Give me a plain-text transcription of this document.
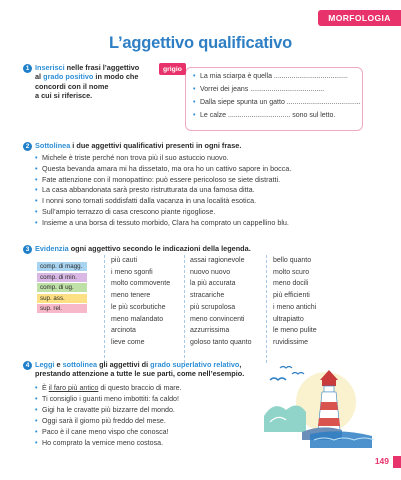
MORFOLOGIA
L’aggettivo qualificativo
1 Inserisci nelle frasi l’aggettivo
al grado positivo in modo che
concordi con il nome
a cui si riferisce.
grigio
• La mia sciarpa è quella ......................................
• Vorrei dei jeans ......................................
• Dalla siepe spunta un gatto ......................................
• Le calze ................................ sono sul letto.
2 Sottolinea i due aggettivi qualificativi presenti in ogni frase.
• Michele è triste perché non trova più il suo astuccio nuovo.
• Questa bevanda amara mi ha dissetato, ma ora ho un cattivo sapore in bocca.
• Fate attenzione con il monopattino: può essere pericoloso se siete distratti.
• La casa abbandonata sarà presto ristrutturata da una famosa ditta.
• I nonni sono tornati soddisfatti dalla vacanza in una località esotica.
• Sull’ampio terrazzo di casa crescono piante rigogliose.
• Insieme a una borsa di tessuto morbido, Clara ha comprato un cappellino blu.
3 Evidenzia ogni aggettivo secondo le indicazioni della legenda.
comp. di magg.
comp. di min.
comp. di ug.
sup. ass.
sup. rel.
più cauti
i meno sgonfi
molto commovente
meno tenere
le più scorbutiche
meno malandato
arcinota
lieve come
assai ragionevole
nuovo nuovo
la più accurata
stracariche
più scrupolosa
meno convincenti
azzurrissima
goloso tanto quanto
bello quanto
molto scuro
meno docili
più efficienti
i meno antichi
ultrapiatto
le meno pulite
ruvidissime
4 Leggi e sottolinea gli aggettivi di grado superlativo relativo,
prestando attenzione a tutte le sue parti, come nell’esempio.
• È il faro più antico di questo braccio di mare.
• Ti consiglio i guanti meno imbottiti: fa caldo!
• Gigi ha le cravatte più bizzarre del mondo.
• Oggi sarà il giorno più freddo del mese.
• Paco è il cane meno vispo che conosca!
• Ho comprato la vernice meno costosa.
149
